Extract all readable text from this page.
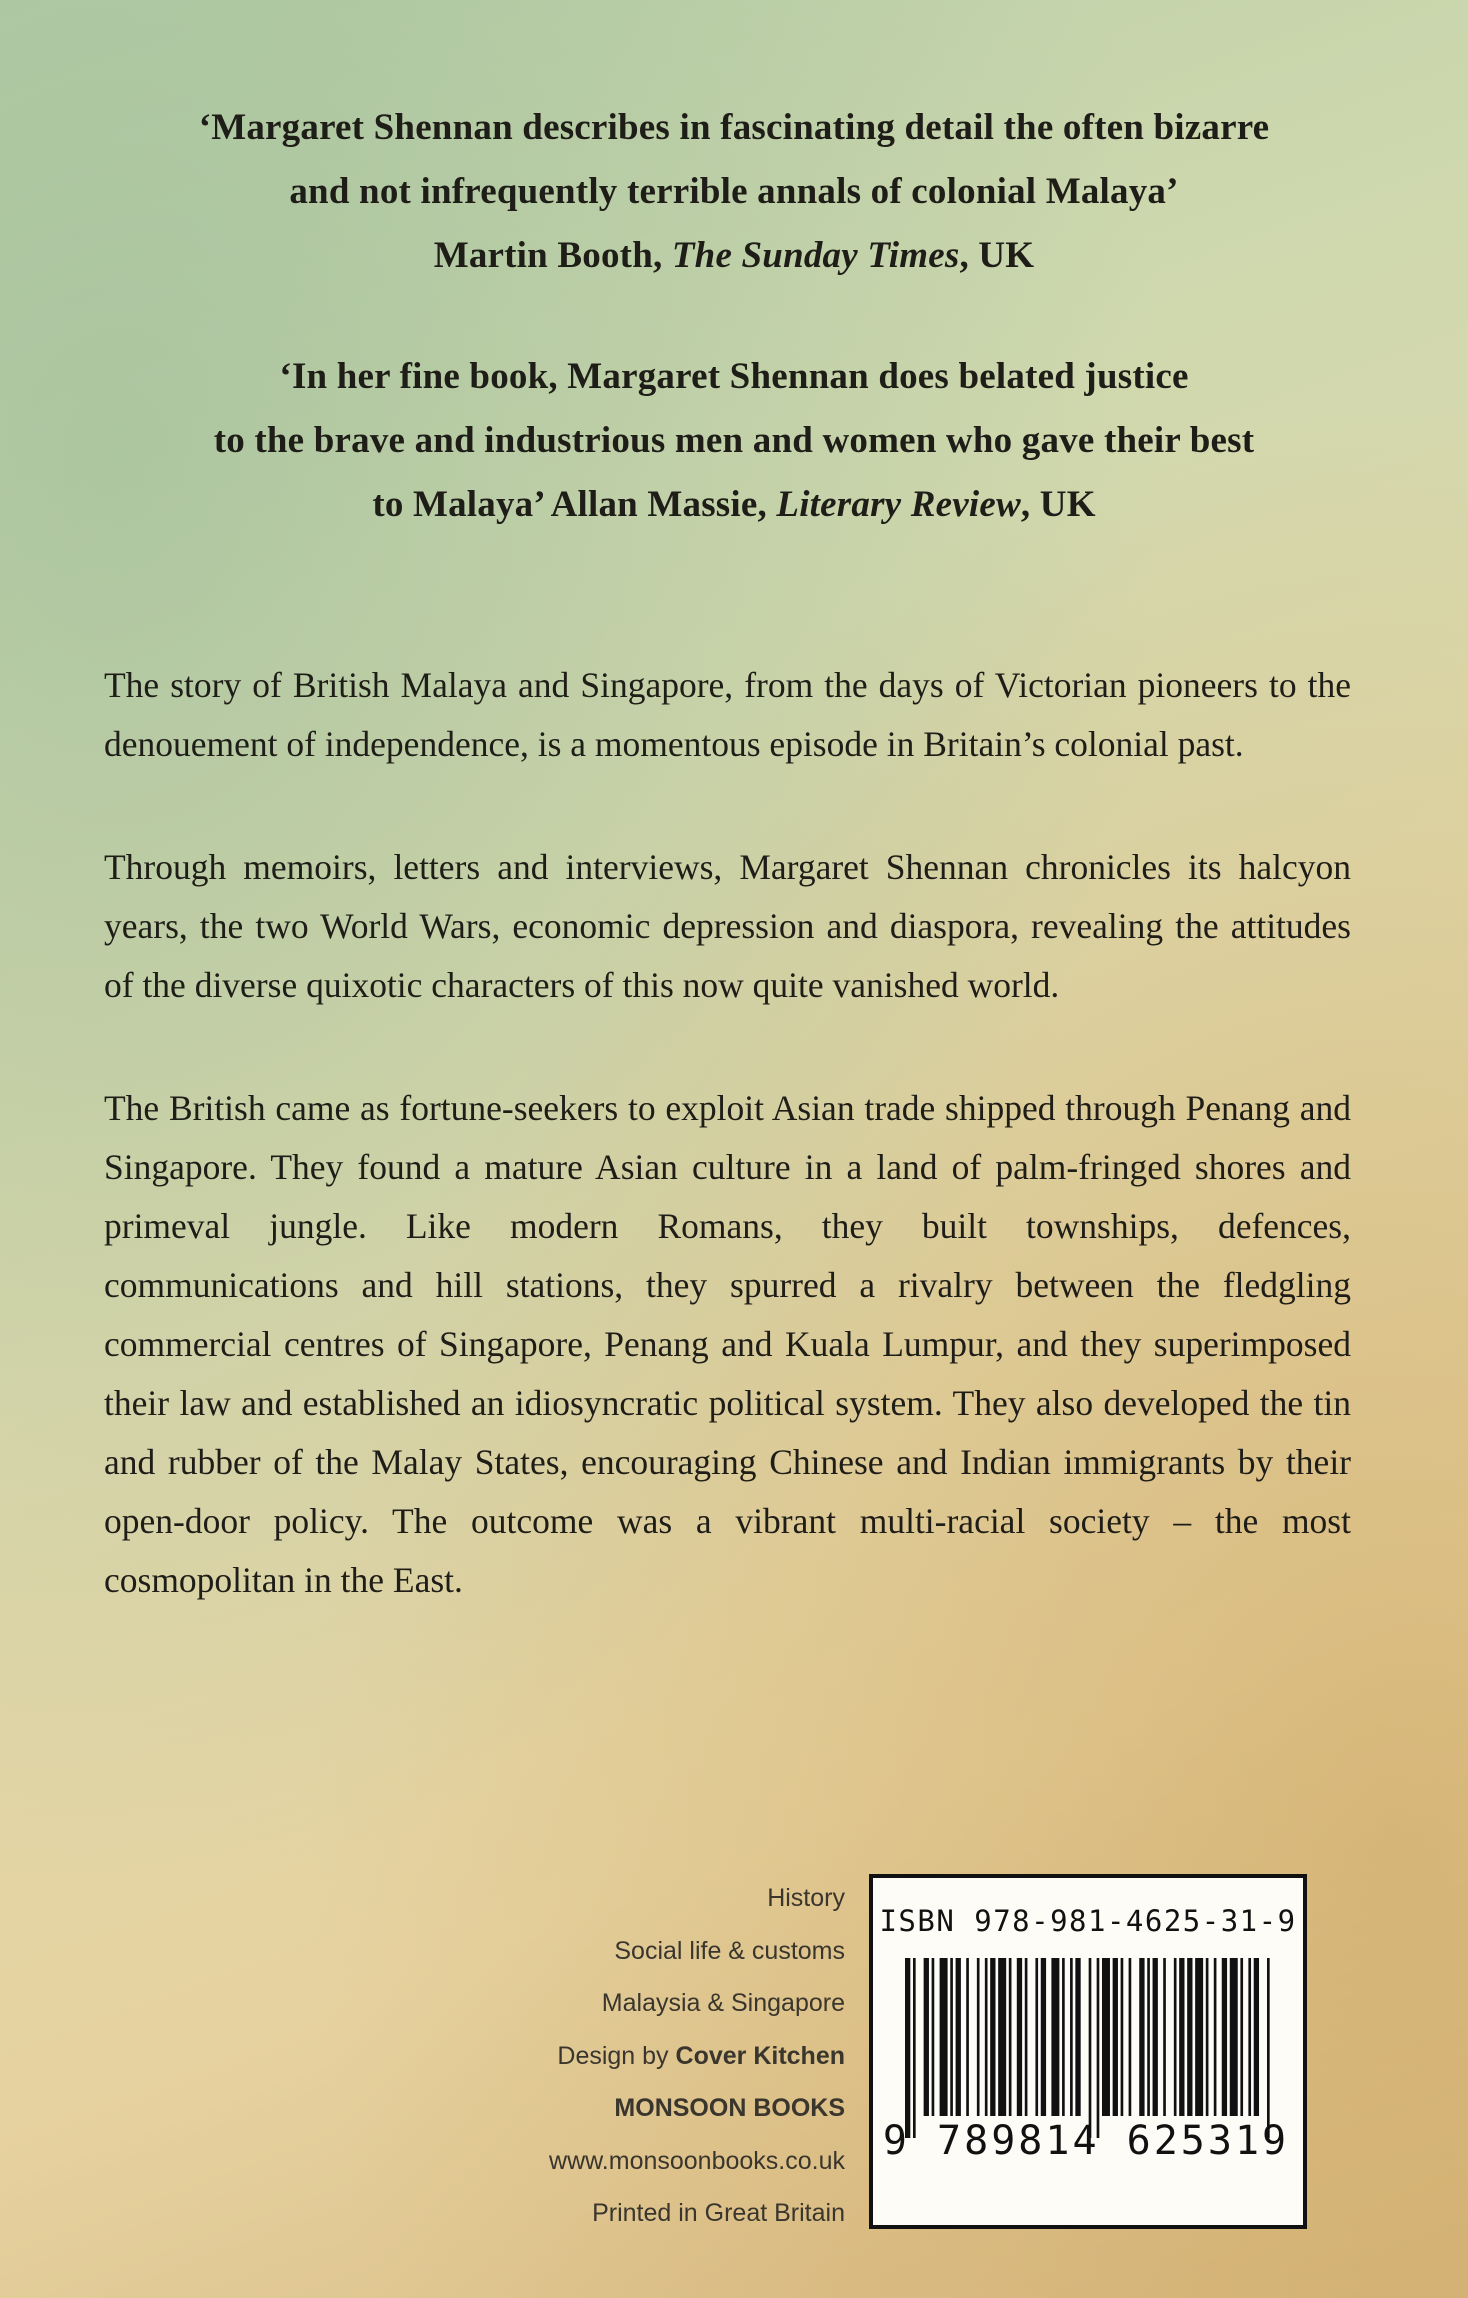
‘Margaret Shennan describes in fascinating detail the often bizarre
and not infrequently terrible annals of colonial Malaya’
Martin Booth, The Sunday Times, UK
‘In her fine book, Margaret Shennan does belated justice
to the brave and industrious men and women who gave their best
to Malaya’ Allan Massie, Literary Review, UK

The story of British Malaya and Singapore, from the days of Victorian pioneers to the denouement of independence, is a momentous episode in Britain’s colonial past.

Through memoirs, letters and interviews, Margaret Shennan chronicles its halcyon years, the two World Wars, economic depression and diaspora, revealing the attitudes of the diverse quixotic characters of this now quite vanished world.

The British came as fortune-seekers to exploit Asian trade shipped through Penang and Singapore. They found a mature Asian culture in a land of palm-fringed shores and primeval jungle. Like modern Romans, they built townships, defences, communications and hill stations, they spurred a rivalry between the fledgling commercial centres of Singapore, Penang and Kuala Lumpur, and they superimposed their law and established an idiosyncratic political system. They also developed the tin and rubber of the Malay States, encouraging Chinese and Indian immigrants by their open-door policy. The outcome was a vibrant multi-racial society – the most cosmopolitan in the East.

History
Social life & customs
Malaysia & Singapore
Design by Cover Kitchen
MONSOON BOOKS
www.monsoonbooks.co.uk
Printed in Great Britain
ISBN 978-981-4625-31-9
9 789814 625319
